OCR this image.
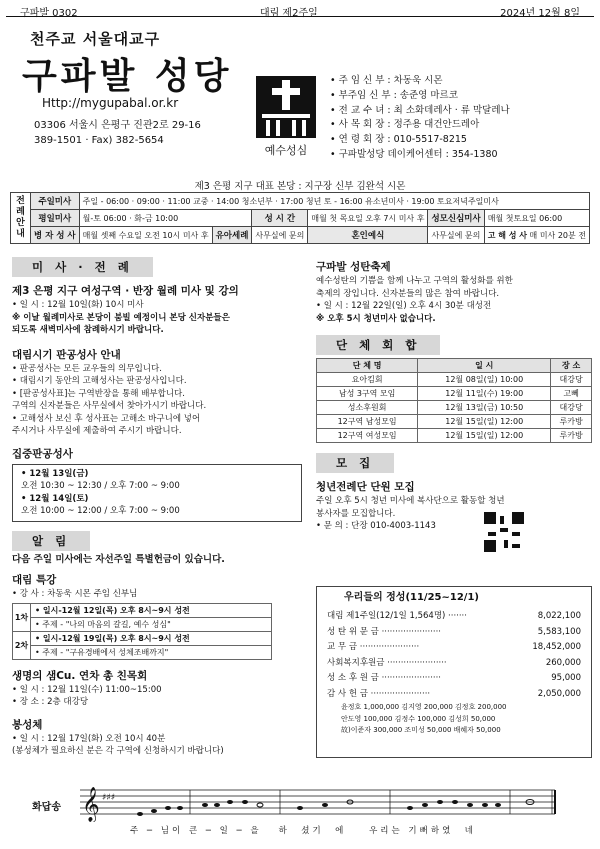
구파발 0302	대림 제2주일	2024년 12월 8일
천주교 서울대교구
구파발 성당
Http://mygupabal.or.kr
03306 서울시 은평구 진관2로 29-16
389-1501 · Fax) 382-5654
예수성심
• 주 임 신 부 : 차동욱 시몬
• 부주임 신 부 : 송준영 마르코
• 전 교 수 녀 : 최 소화데레사 · 류 막달레나
• 사 목 회 장 : 정주용 대건안드레아
• 연 령 회 장 : 010-5517-8215
• 구파발성당 데이케어센터 : 354-1380
제3 은평 지구 대표 본당 : 지구장 신부 김완석 시몬
전례안내	주일미사	주일 - 06:00 · 09:00 · 11:00 교중 · 14:00 청소년부 · 17:00 청년 토 - 16:00 유소년미사 · 19:00 토요저녁주일미사					
	평일미사	월-토 06:00 · 화-금 10:00		성 시 간	매월 첫 목요일 오후 7시 미사 후	성모신심미사	매월 첫토요일 06:00
	병 자 성 사	매월 셋째 수요일 오전 10시 미사 후	유아세례	사무실에 문의	혼인예식	사무실에 문의	고 해 성 사 매 미사 20분 전
미 사 · 전 례
제3 은평 지구 여성구역 · 반장 월례 미사 및 강의
• 일 시 : 12월 10일(화) 10시 미사
※ 이날 월례미사로 본당이 붐빌 예정이니 본당 신자분들은
되도록 새벽미사에 참례하시기 바랍니다.
대림시기 판공성사 안내
• 판공성사는 모든 교우들의 의무입니다.
• 대림시기 동안의 고해성사는 판공성사입니다.
• [판공성사표]는 구역반장을 통해 배부합니다.
구역의 신자분들은 사무실에서 찾아가시기 바랍니다.
• 고해성사 보신 후 성사표는 고해소 바구니에 넣어
주시거나 사무실에 제출하여 주시기 바랍니다.
집중판공성사
• 12월 13일(금)
오전 10:30 ~ 12:30 / 오후 7:00 ~ 9:00
• 12월 14일(토)
오전 10:00 ~ 12:00 / 오후 7:00 ~ 9:00
알 림
다음 주일 미사에는 자선주일 특별헌금이 있습니다.
대림 특강
• 강 사 : 차동욱 시몬 주임 신부님
1차	• 일시-12월 12일(목) 오후 8시~9시 성전
	• 주제 - "나의 마음의 갈길, 예수 성심"
2차	• 일시-12월 19일(목) 오후 8시~9시 성전
	• 주제 - "구유경배에서 성체조배까지"
생명의 샘Cu. 연차 총 친목회
• 일 시 : 12월 11일(수) 11:00~15:00
• 장 소 : 2층 대강당
봉성체
• 일 시 : 12월 17일(화) 오전 10시 40분
(봉성체가 필요하신 분은 각 구역에 신청하시기 바랍니다)
구파발 성탄축제
예수성탄의 기쁨을 함께 나누고 구역의 활성화를 위한
축제의 장입니다. 신자분들의 많은 참여 바랍니다.
• 일 시 : 12월 22일(일) 오후 4시 30분 대성전
※ 오후 5시 청년미사 없습니다.
단 체 회 합
단 체 명	일 시	장 소
요아킴회	12월 08일(일) 10:00	대강당
남성 3구역 모임	12월 11일(수) 19:00	고뻬
성소후원회	12월 13일(금) 10:50	대강당
12구역 남성모임	12월 15일(일) 12:00	루카방
12구역 여성모임	12월 15일(일) 12:00	루카방
모 집
청년전례단 단원 모집
주일 오후 5시 청년 미사에 복사단으로 활동할 청년
봉사자를 모집합니다.
• 문 의 : 단장 010-4003-1143
대림 제1주일(12/1일 1,564명) ·······	8,022,100
성 탄 위 문 금 ······················	5,583,100
교 무 금 ······················	18,452,000
사회복지후원금 ······················	260,000
성 소 후 원 금 ······················	95,000
감 사 헌 금 ······················	2,050,000
윤정호 1,000,000 김지영 200,000 김정호 200,000
안도영 100,000 김정수 100,000 김성희 50,000
故)이준자 300,000 조미성 50,000 배혜자 50,000
우리들의 정성(11/25~12/1)
화답송 𝄞 ♯♯♯
주 ─ 님이 큰 ─ 일 ─ 을   하  셨기  에    우리는 기뻐하였  네
